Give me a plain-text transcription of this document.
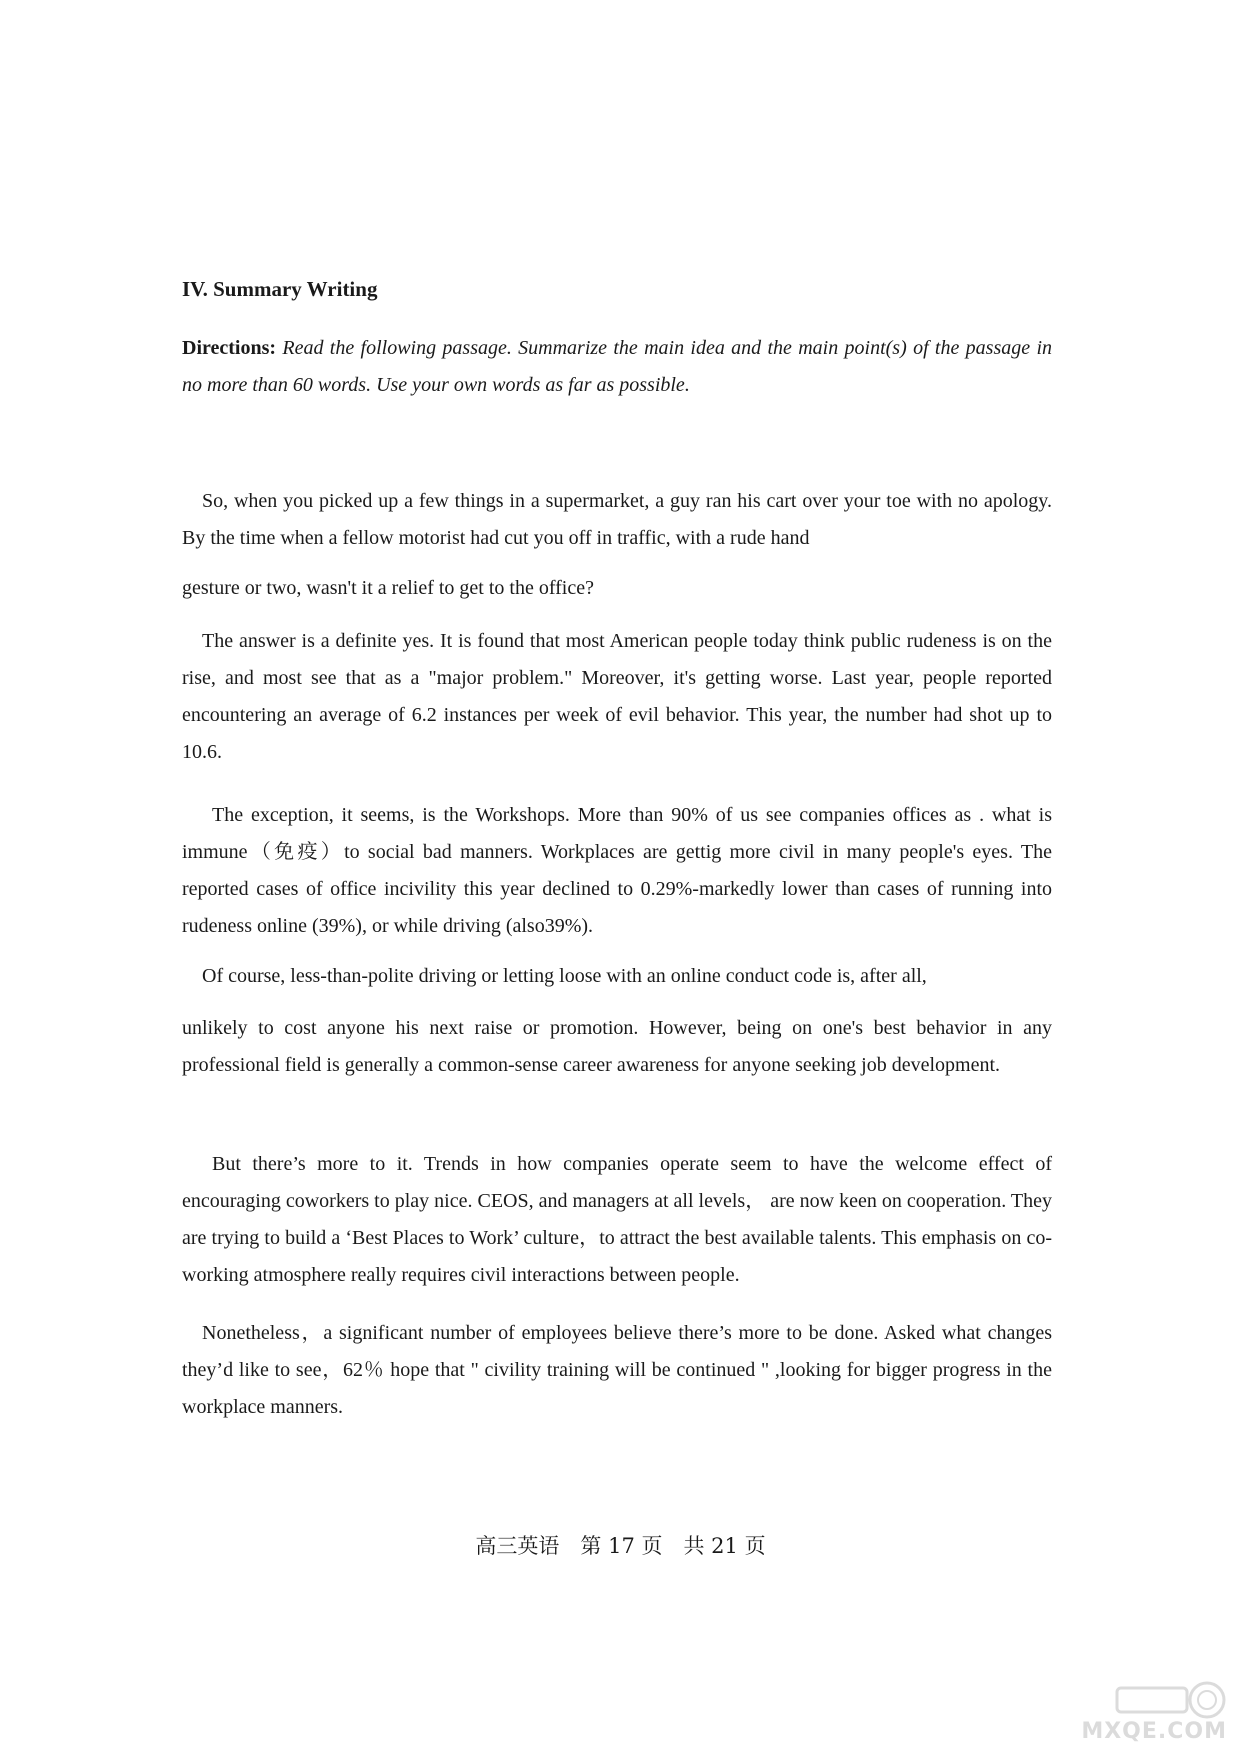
IV. Summary Writing
Directions: Read the following passage. Summarize the main idea and the main point(s) of the passage in no more than 60 words. Use your own words as far as possible.
So, when you picked up a few things in a supermarket, a guy ran his cart over your toe with no apology. By the time when a fellow motorist had cut you off in traffic, with a rude hand
gesture or two, wasn't it a relief to get to the office?
The answer is a definite yes. It is found that most American people today think public rudeness is on the rise, and most see that as a "major problem." Moreover, it's getting worse. Last year, people reported encountering an average of 6.2 instances per week of evil behavior. This year, the number had shot up to 10.6.
The exception, it seems, is the Workshops. More than 90% of us see companies offices as . what is immune（免疫）to social bad manners. Workplaces are gettig more civil in many people's eyes. The reported cases of office incivility this year declined to 0.29%-markedly lower than cases of running into rudeness online (39%), or while driving (also39%).
Of course, less-than-polite driving or letting loose with an online conduct code is, after all,
unlikely to cost anyone his next raise or promotion. However, being on one's best behavior in any professional field is generally a common-sense career awareness for anyone seeking job development.
But there’s more to it. Trends in how companies operate seem to have the welcome effect of encouraging coworkers to play nice. CEOS, and managers at all levels， are now keen on cooperation. They are trying to build a ‘Best Places to Work’ culture，to attract the best available talents. This emphasis on co-working atmosphere really requires civil interactions between people.
Nonetheless，a significant number of employees believe there’s more to be done. Asked what changes they’d like to see，62％ hope that " civility training will be continued " ,looking for bigger progress in the workplace manners.
高三英语　第 17 页　共 21 页
MXQE.COM
